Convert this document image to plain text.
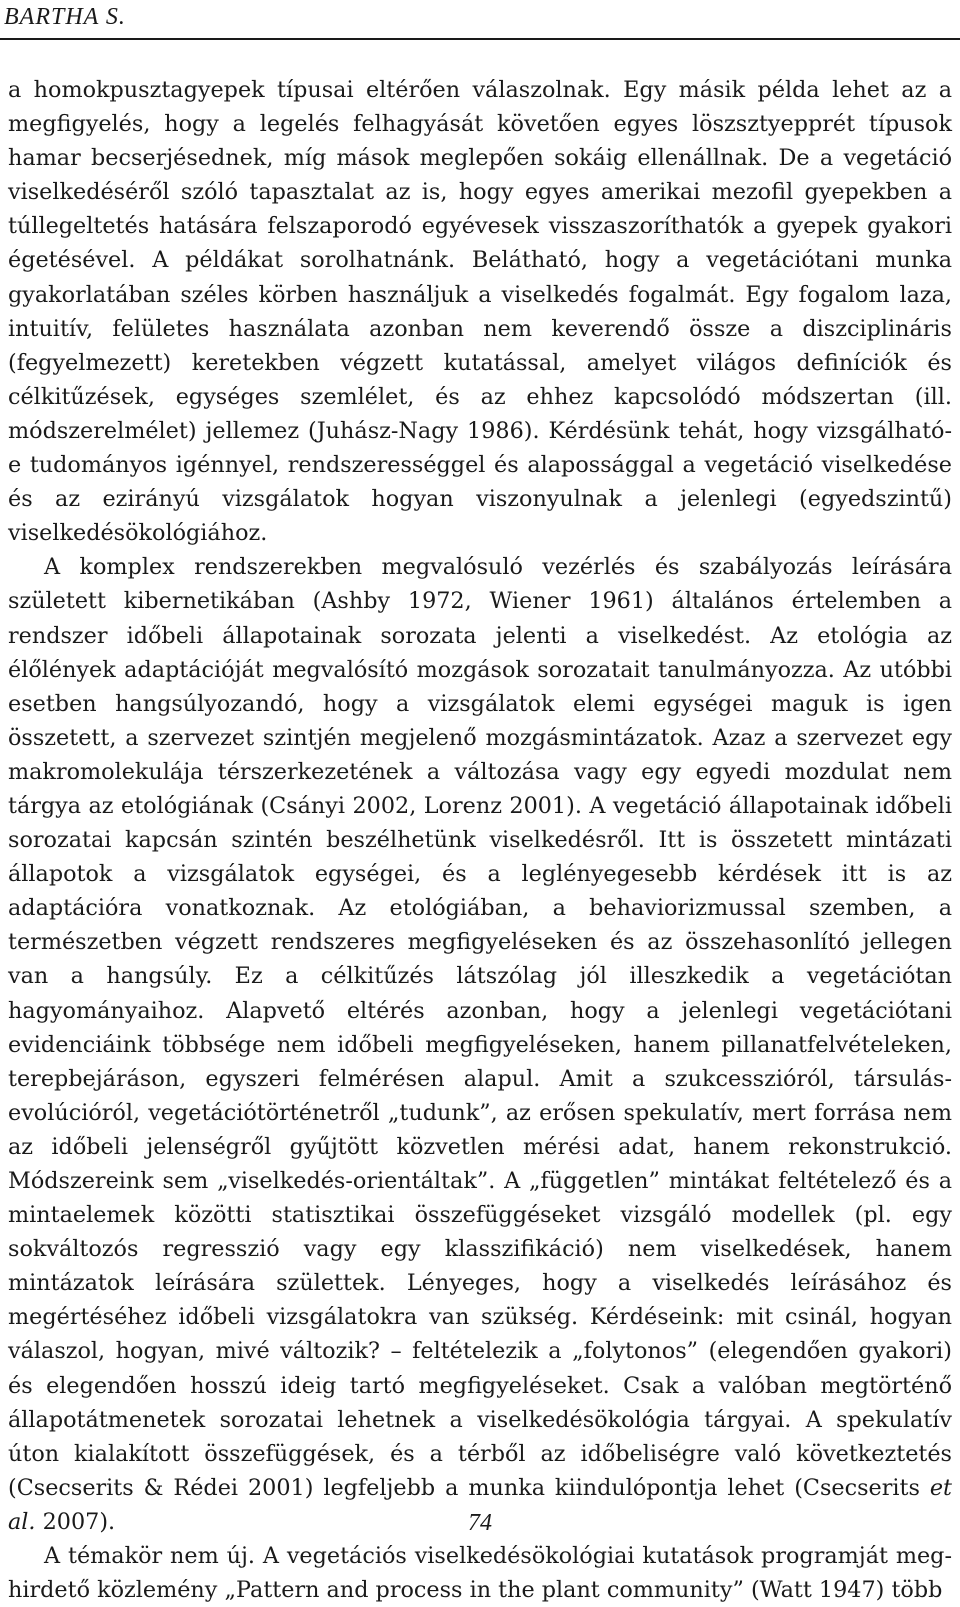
BARTHA S.

a homokpusztagyepek típusai eltérően válaszolnak. Egy másik példa lehet az a megfigyelés, hogy a legelés felhagyását követően egyes löszsztyepprét típusok hamar becserjésednek, míg mások meglepően sokáig ellenállnak. De a vegetáció viselkedéséről szóló tapasztalat az is, hogy egyes amerikai mezofil gyepekben a túllegeltetés hatására felszaporodó egyévesek visszaszoríthatók a gyepek gyakori égetésével. A példákat sorolhatnánk. Belátható, hogy a vegetációtani munka gyakorlatában széles körben használjuk a viselkedés fogalmát. Egy fogalom laza, intuitív, felületes használata azonban nem keverendő össze a diszciplináris (fegyelmezett) keretekben végzett kutatással, amelyet világos definíciók és célkitűzések, egységes szemlélet, és az ehhez kapcsolódó módszertan (ill. módszerelmélet) jellemez (Juhász-Nagy 1986). Kérdésünk tehát, hogy vizsgálható-e tudományos igénnyel, rendszerességgel és alapossággal a vegetáció viselkedése és az ezirányú vizsgálatok hogyan viszonyulnak a jelenlegi (egyedszintű) viselkedésökológiához.

A komplex rendszerekben megvalósuló vezérlés és szabályozás leírására született kibernetikában (Ashby 1972, Wiener 1961) általános értelemben a rendszer időbeli állapotainak sorozata jelenti a viselkedést. Az etológia az élőlények adaptációját megvalósító mozgások sorozatait tanulmányozza. Az utóbbi esetben hangsúlyozandó, hogy a vizsgálatok elemi egységei maguk is igen összetett, a szervezet szintjén megjelenő mozgásmintázatok. Azaz a szervezet egy makromolekulája térszerkezetének a változása vagy egy egyedi mozdulat nem tárgya az etológiának (Csányi 2002, Lorenz 2001). A vegetáció állapotainak időbeli sorozatai kapcsán szintén beszélhetünk viselkedésről. Itt is összetett mintázati állapotok a vizsgálatok egységei, és a leglényegesebb kérdések itt is az adaptációra vonatkoznak. Az etológiában, a behaviorizmussal szemben, a természetben végzett rendszeres megfigyeléseken és az összehasonlító jellegen van a hangsúly. Ez a célkitűzés látszólag jól illeszkedik a vegetációtan hagyományaihoz. Alapvető eltérés azonban, hogy a jelenlegi vegetációtani evidenciáink többsége nem időbeli megfigyeléseken, hanem pillanatfelvételeken, terepbejáráson, egyszeri felmérésen alapul. Amit a szukcesszióról, társulás-evolúcióról, vegetációtörténetről „tudunk”, az erősen spekulatív, mert forrása nem az időbeli jelenségről gyűjtött közvetlen mérési adat, hanem rekonstrukció. Módszereink sem „viselkedés-orientáltak”. A „független” mintákat feltételező és a mintaelemek közötti statisztikai összefüggéseket vizsgáló modellek (pl. egy sokváltozós regresszió vagy egy klasszifikáció) nem viselkedések, hanem mintázatok leírására születtek. Lényeges, hogy a viselkedés leírásához és megértéséhez időbeli vizsgálatokra van szükség. Kérdéseink: mit csinál, hogyan válaszol, hogyan, mivé változik? – feltételezik a „folytonos” (elegendően gyakori) és elegendően hosszú ideig tartó megfigyeléseket. Csak a valóban megtörténő állapotátmenetek sorozatai lehetnek a viselkedésökológia tárgyai. A spekulatív úton kialakított összefüggések, és a térből az időbeliségre való következtetés (Csecserits & Rédei 2001) legfeljebb a munka kiindulópontja lehet (Csecserits et al. 2007).

A témakör nem új. A vegetációs viselkedésökológiai kutatások programját meghirdető közlemény „Pattern and process in the plant community” (Watt 1947) több

74
